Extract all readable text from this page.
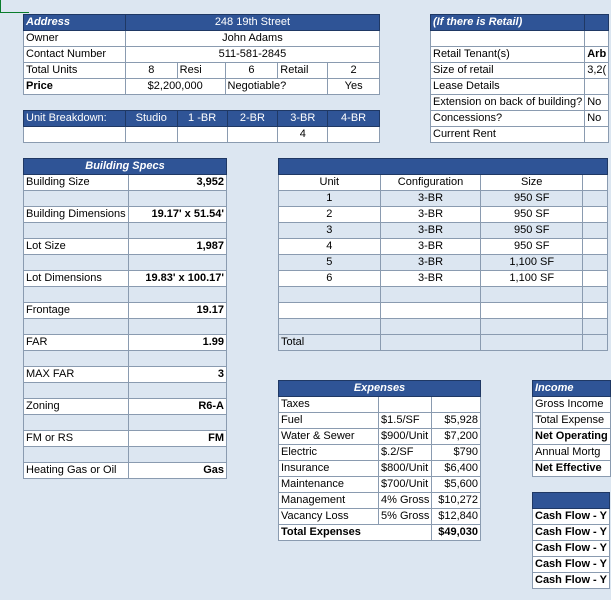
Address	248 19th Street				
Owner	John Adams				
Contact Number	511-581-2845				
Total Units	8	Resi	6	Retail	2
Price	$2,200,000		Negotiable?		Yes
Unit Breakdown:	Studio	1 -BR	2-BR	3-BR	4-BR
				4	
(If there is Retail)	

Retail Tenant(s)	Arb
Size of retail	3,2(
Lease Details	
Extension on back of building?	No
Concessions?	No
Current Rent	
Building Specs	
Building Size	3,952

Building Dimensions	19.17' x 51.54'

Lot Size	1,987

Lot Dimensions	19.83' x 100.17'

Frontage	19.17

FAR	1.99

MAX FAR	3

Zoning	R6-A

FM or RS	FM

Heating Gas or Oil	Gas

Unit	Configuration	Size	
1	3-BR	950 SF	
2	3-BR	950 SF	
3	3-BR	950 SF	
4	3-BR	950 SF	
5	3-BR	1,100 SF	
6	3-BR	1,100 SF	

Total			
Expenses		
Taxes		
Fuel	$1.5/SF	$5,928
Water & Sewer	$900/Unit	$7,200
Electric	$.2/SF	$790
Insurance	$800/Unit	$6,400
Maintenance	$700/Unit	$5,600
Management	4% Gross	$10,272
Vacancy Loss	5% Gross	$12,840
Total Expenses		$49,030
Income
Gross Income
Total Expense
Net Operating
Annual Mortg
Net Effective

Cash Flow - Y
Cash Flow - Y
Cash Flow - Y
Cash Flow - Y
Cash Flow - Y
